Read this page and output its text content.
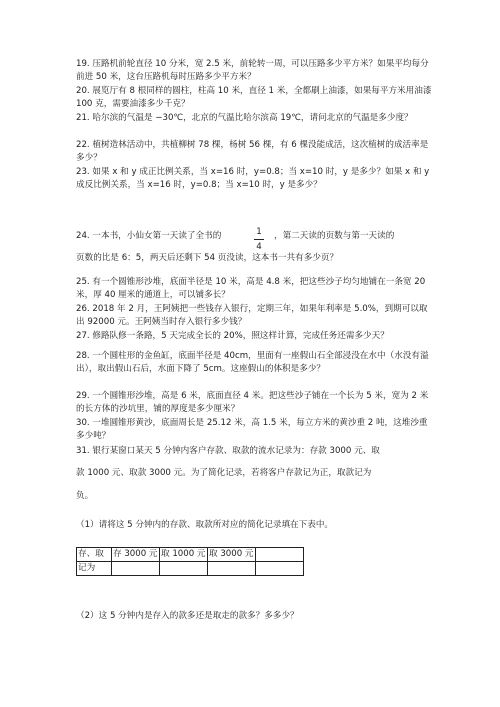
19. 压路机前轮直径 10 分米，宽 2.5 米，前轮转一周，可以压路多少平方米？如果平均每分前进 50 米，这台压路机每时压路多少平方米？

20. 展览厅有 8 根同样的圆柱，柱高 10 米，直径 1 米，全都刷上油漆，如果每平方米用油漆 100 克，需要油漆多少千克？

21. 哈尔滨的气温是 −30℃，北京的气温比哈尔滨高 19℃，请问北京的气温是多少度？

22. 植树造林活动中，共植柳树 78 棵，杨树 56 棵，有 6 棵没能成活，这次植树的成活率是多少？

23. 如果 x 和 y 成正比例关系，当 x=16 时，y=0.8；当 x=10 时，y 是多少？如果 x 和 y 成反比例关系，当 x=16 时，y=0.8；当 x=10 时，y 是多少？

24. 一本书，小仙女第一天读了全书的	1
4
，第二天读的页数与第一天读的

页数的比是 6：5，两天后还剩下 54 页没读，这本书一共有多少页？

25. 有一个圆锥形沙堆，底面半径是 10 米，高是 4.8 米，把这些沙子均匀地铺在一条宽 20 米，厚 40 厘米的通道上，可以铺多长？

26. 2018 年 2 月，王阿姨把一些钱存入银行，定期三年，如果年利率是 5.0%，到期可以取出 92000 元。王阿姨当时存入银行多少钱？

27. 修路队修一条路，5 天完成全长的 20%，照这样计算，完成任务还需多少天？

28. 一个圆柱形的金鱼缸，底面半径是 40cm，里面有一座假山石全部浸没在水中（水没有溢出），取出假山石后，水面下降了 5cm。这座假山的体积是多少？

29. 一个圆锥形沙堆，高是 6 米，底面直径 4 米。把这些沙子铺在一个长为 5 米，宽为 2 米的长方体的沙坑里，铺的厚度是多少厘米？

30. 一堆圆锥形黄沙，底面周长是 25.12 米，高 1.5 米，每立方米的黄沙重 2 吨，这堆沙重多少吨？

31. 银行某窗口某天 5 分钟内客户存款、取款的流水记录为：存款 3000 元、取

款 1000 元、取款 3000 元。为了简化记录，若将客户存款记为正，取款记为

负。

（1）请将这 5 分钟内的存款、取款所对应的简化记录填在下表中。

存、取	存 3000 元	取 1000 元	取 3000 元	
记为				

（2）这 5 分钟内是存入的款多还是取走的款多？多多少？
